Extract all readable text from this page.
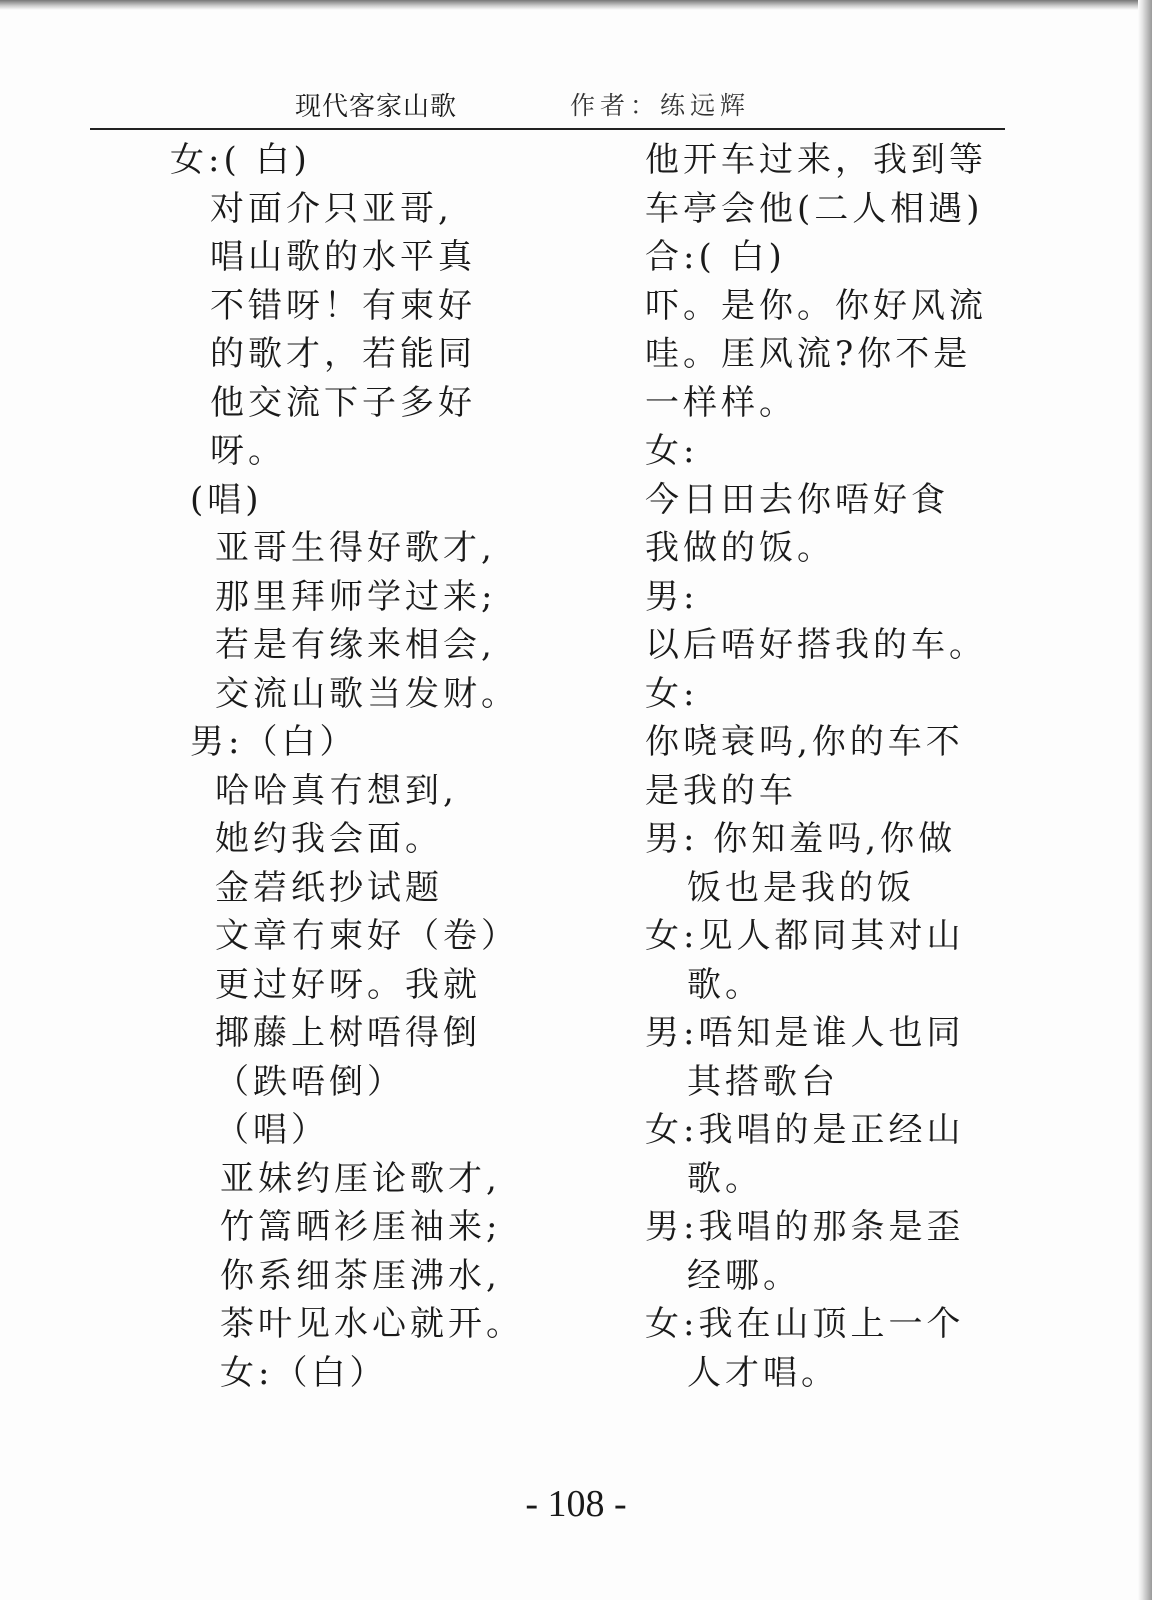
现代客家山歌	作者：练远辉
女:( 白)
对面介只亚哥,
唱山歌的水平真
不错呀！有柬好
的歌才，若能同
他交流下子多好
呀。
(唱)
亚哥生得好歌才,
那里拜师学过来;
若是有缘来相会,
交流山歌当发财。
男:（白）
哈哈真冇想到,
她约我会面。
金菪纸抄试题
文章冇柬好（卷）
更过好呀。我就
揶藤上树唔得倒
（跌唔倒）
（唱）
亚妹约厓论歌才,
竹篙晒衫厓袖来;
你系细茶厓沸水,
茶叶见水心就开。
女:（白）
他开车过来，我到等
车亭会他(二人相遇)
合:( 白)
吓。是你。你好风流
哇。厓风流?你不是
一样样。
女:
今日田去你唔好食
我做的饭。
男:
以后唔好搭我的车。
女:
你哓衰吗,你的车不
是我的车
男: 你知羞吗,你做
饭也是我的饭
女:见人都同其对山
歌。
男:唔知是谁人也同
其搭歌台
女:我唱的是正经山
歌。
男:我唱的那条是歪
经哪。
女:我在山顶上一个
人才唱。
- 108 -
